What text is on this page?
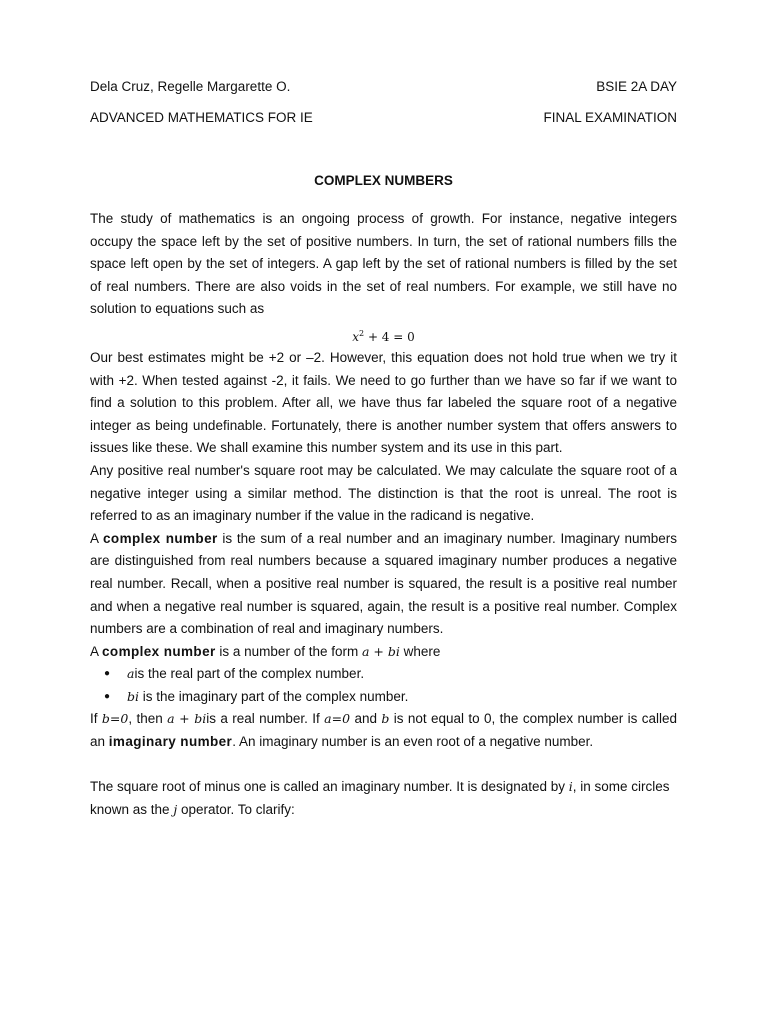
Dela Cruz, Regelle Margarette O.	BSIE 2A DAY
ADVANCED MATHEMATICS FOR IE	FINAL EXAMINATION
COMPLEX NUMBERS

The study of mathematics is an ongoing process of growth. For instance, negative integers occupy the space left by the set of positive numbers. In turn, the set of rational numbers fills the space left open by the set of integers. A gap left by the set of rational numbers is filled by the set of real numbers. There are also voids in the set of real numbers. For example, we still have no solution to equations such as

$x^2 + 4 = 0$

Our best estimates might be +2 or –2. However, this equation does not hold true when we try it with +2. When tested against -2, it fails. We need to go further than we have so far if we want to find a solution to this problem. After all, we have thus far labeled the square root of a negative integer as being undefinable. Fortunately, there is another number system that offers answers to issues like these. We shall examine this number system and its use in this part.

Any positive real number's square root may be calculated. We may calculate the square root of a negative integer using a similar method. The distinction is that the root is unreal. The root is referred to as an imaginary number if the value in the radicand is negative.

A complex number is the sum of a real number and an imaginary number. Imaginary numbers are distinguished from real numbers because a squared imaginary number produces a negative real number. Recall, when a positive real number is squared, the result is a positive real number and when a negative real number is squared, again, the result is a positive real number. Complex numbers are a combination of real and imaginary numbers.

A complex number is a number of the form a + bi where

● ais the real part of the complex number.
● bi is the imaginary part of the complex number.

If b=0, then a + biis a real number. If a=0 and b is not equal to 0, the complex number is called an imaginary number. An imaginary number is an even root of a negative number.

The square root of minus one is called an imaginary number. It is designated by i, in some circles known as the j operator. To clarify:
